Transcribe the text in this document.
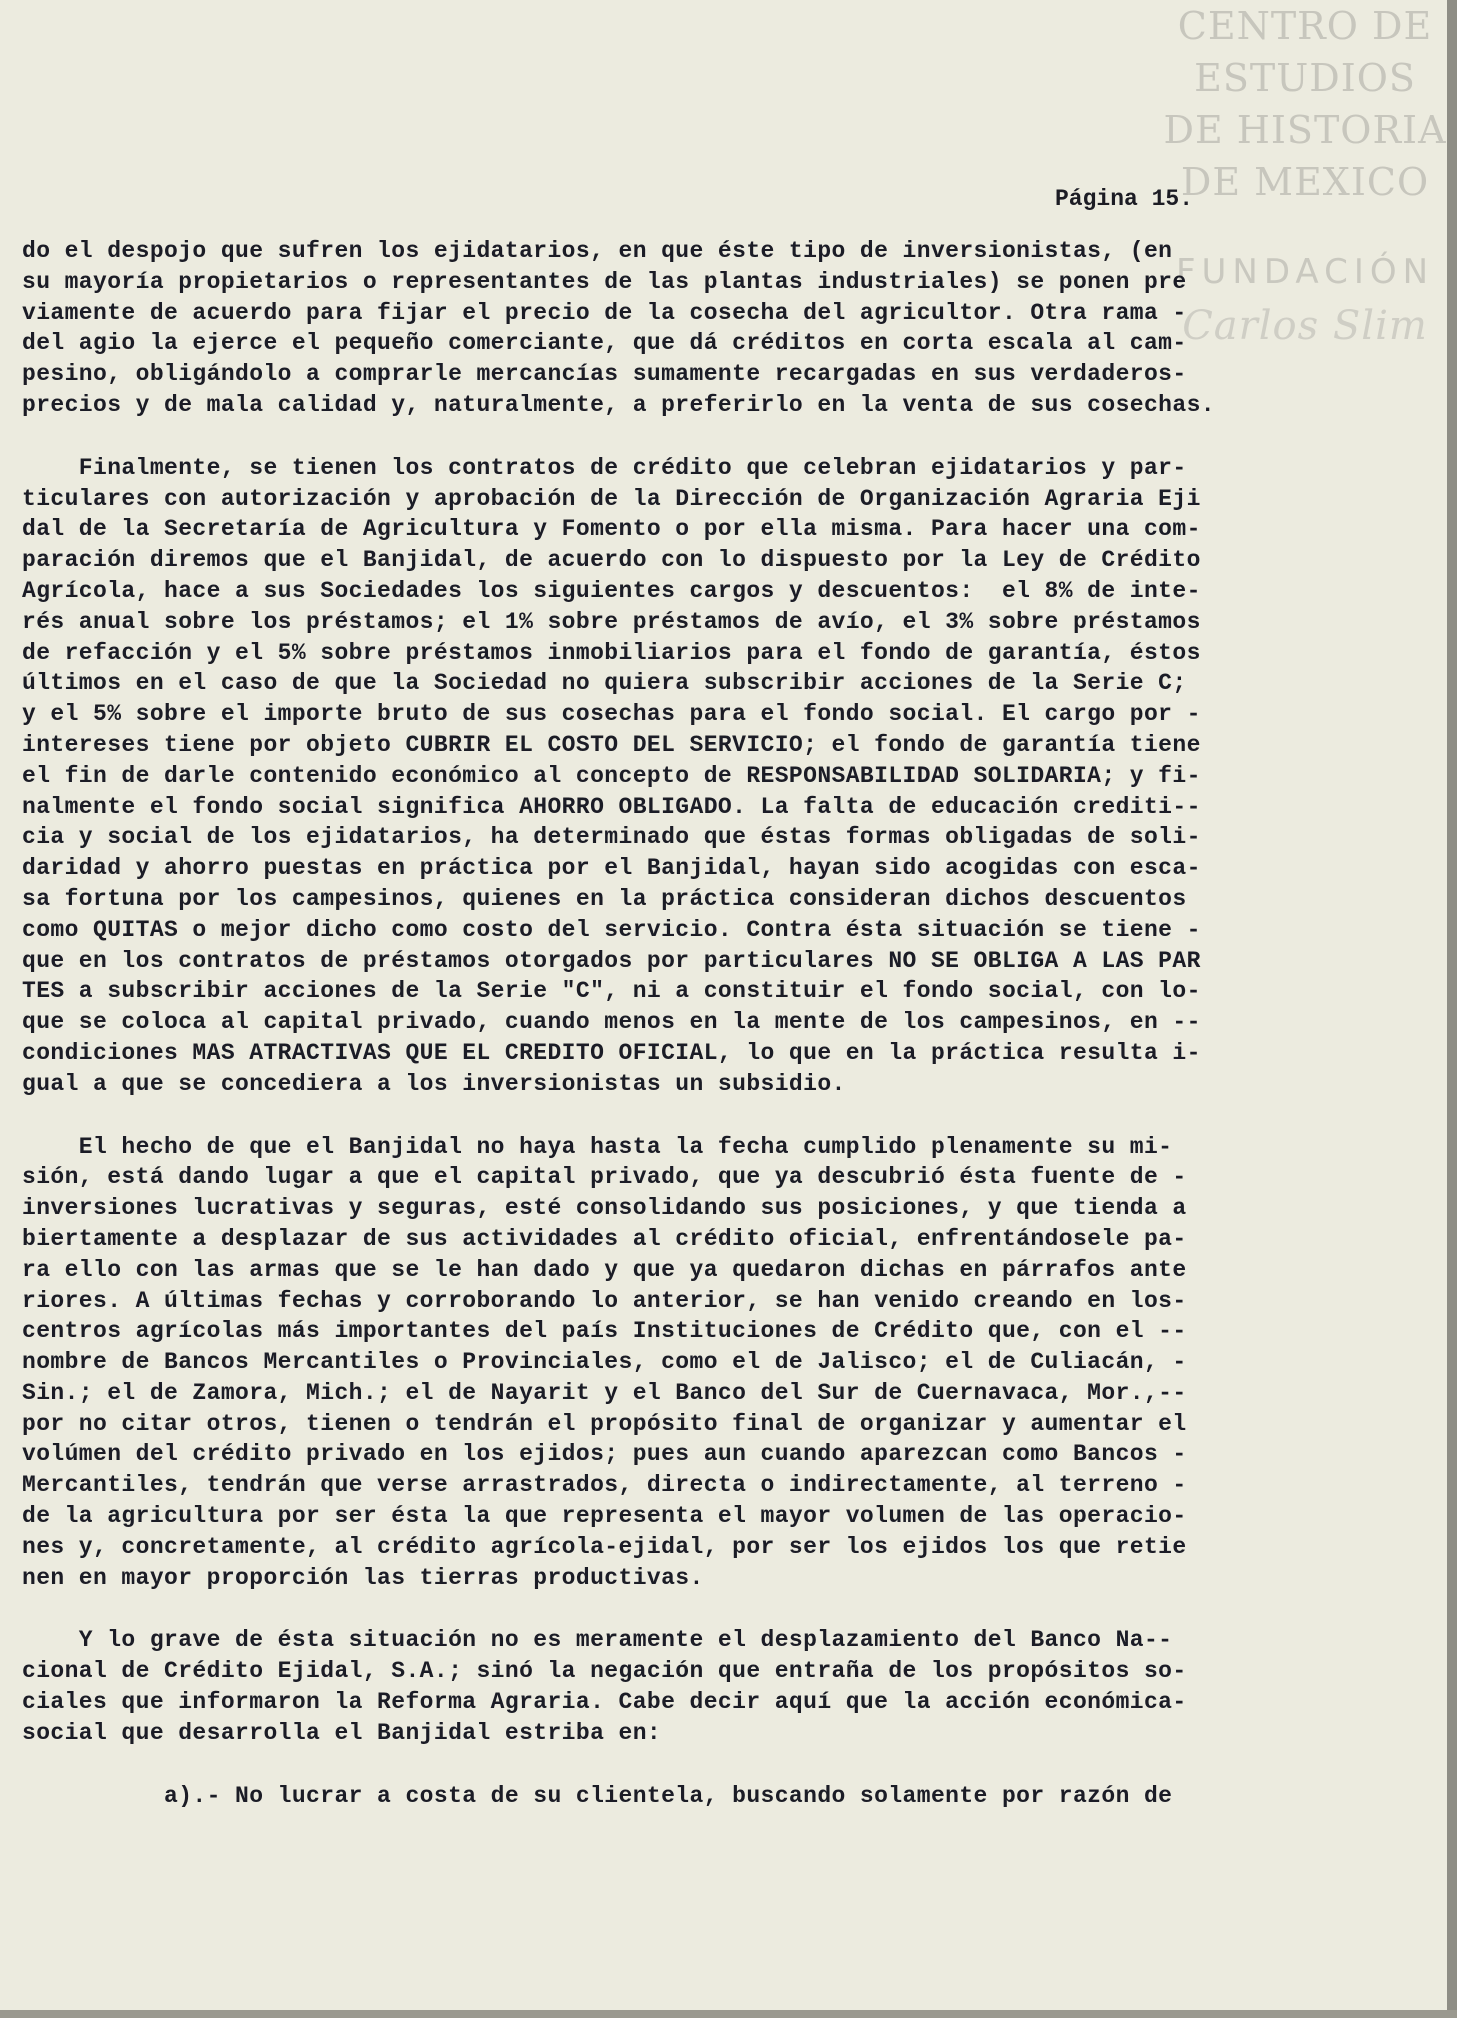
CENTRO DE
ESTUDIOS
DE HISTORIA
DE MEXICO
FUNDACIÓN
Carlos Slim
Página 15.
do el despojo que sufren los ejidatarios, en que éste tipo de inversionistas, (en
su mayoría propietarios o representantes de las plantas industriales) se ponen pre
viamente de acuerdo para fijar el precio de la cosecha del agricultor. Otra rama -
del agio la ejerce el pequeño comerciante, que dá créditos en corta escala al cam-
pesino, obligándolo a comprarle mercancías sumamente recargadas en sus verdaderos-
precios y de mala calidad y, naturalmente, a preferirlo en la venta de sus cosechas.
Finalmente, se tienen los contratos de crédito que celebran ejidatarios y par-
ticulares con autorización y aprobación de la Dirección de Organización Agraria Eji
dal de la Secretaría de Agricultura y Fomento o por ella misma. Para hacer una com-
paración diremos que el Banjidal, de acuerdo con lo dispuesto por la Ley de Crédito
Agrícola, hace a sus Sociedades los siguientes cargos y descuentos:  el 8% de inte-
rés anual sobre los préstamos; el 1% sobre préstamos de avío, el 3% sobre préstamos
de refacción y el 5% sobre préstamos inmobiliarios para el fondo de garantía, éstos
últimos en el caso de que la Sociedad no quiera subscribir acciones de la Serie C;
y el 5% sobre el importe bruto de sus cosechas para el fondo social. El cargo por -
intereses tiene por objeto CUBRIR EL COSTO DEL SERVICIO; el fondo de garantía tiene
el fin de darle contenido económico al concepto de RESPONSABILIDAD SOLIDARIA; y fi-
nalmente el fondo social significa AHORRO OBLIGADO. La falta de educación crediti--
cia y social de los ejidatarios, ha determinado que éstas formas obligadas de soli-
daridad y ahorro puestas en práctica por el Banjidal, hayan sido acogidas con esca-
sa fortuna por los campesinos, quienes en la práctica consideran dichos descuentos
como QUITAS o mejor dicho como costo del servicio. Contra ésta situación se tiene -
que en los contratos de préstamos otorgados por particulares NO SE OBLIGA A LAS PAR
TES a subscribir acciones de la Serie "C", ni a constituir el fondo social, con lo-
que se coloca al capital privado, cuando menos en la mente de los campesinos, en --
condiciones MAS ATRACTIVAS QUE EL CREDITO OFICIAL, lo que en la práctica resulta i-
gual a que se concediera a los inversionistas un subsidio.
El hecho de que el Banjidal no haya hasta la fecha cumplido plenamente su mi-
sión, está dando lugar a que el capital privado, que ya descubrió ésta fuente de -
inversiones lucrativas y seguras, esté consolidando sus posiciones, y que tienda a
biertamente a desplazar de sus actividades al crédito oficial, enfrentándosele pa-
ra ello con las armas que se le han dado y que ya quedaron dichas en párrafos ante
riores. A últimas fechas y corroborando lo anterior, se han venido creando en los-
centros agrícolas más importantes del país Instituciones de Crédito que, con el --
nombre de Bancos Mercantiles o Provinciales, como el de Jalisco; el de Culiacán, -
Sin.; el de Zamora, Mich.; el de Nayarit y el Banco del Sur de Cuernavaca, Mor.,--
por no citar otros, tienen o tendrán el propósito final de organizar y aumentar el
volúmen del crédito privado en los ejidos; pues aun cuando aparezcan como Bancos -
Mercantiles, tendrán que verse arrastrados, directa o indirectamente, al terreno -
de la agricultura por ser ésta la que representa el mayor volumen de las operacio-
nes y, concretamente, al crédito agrícola-ejidal, por ser los ejidos los que retie
nen en mayor proporción las tierras productivas.
Y lo grave de ésta situación no es meramente el desplazamiento del Banco Na--
cional de Crédito Ejidal, S.A.; sinó la negación que entraña de los propósitos so-
ciales que informaron la Reforma Agraria. Cabe decir aquí que la acción económica-
social que desarrolla el Banjidal estriba en:
a).- No lucrar a costa de su clientela, buscando solamente por razón de
